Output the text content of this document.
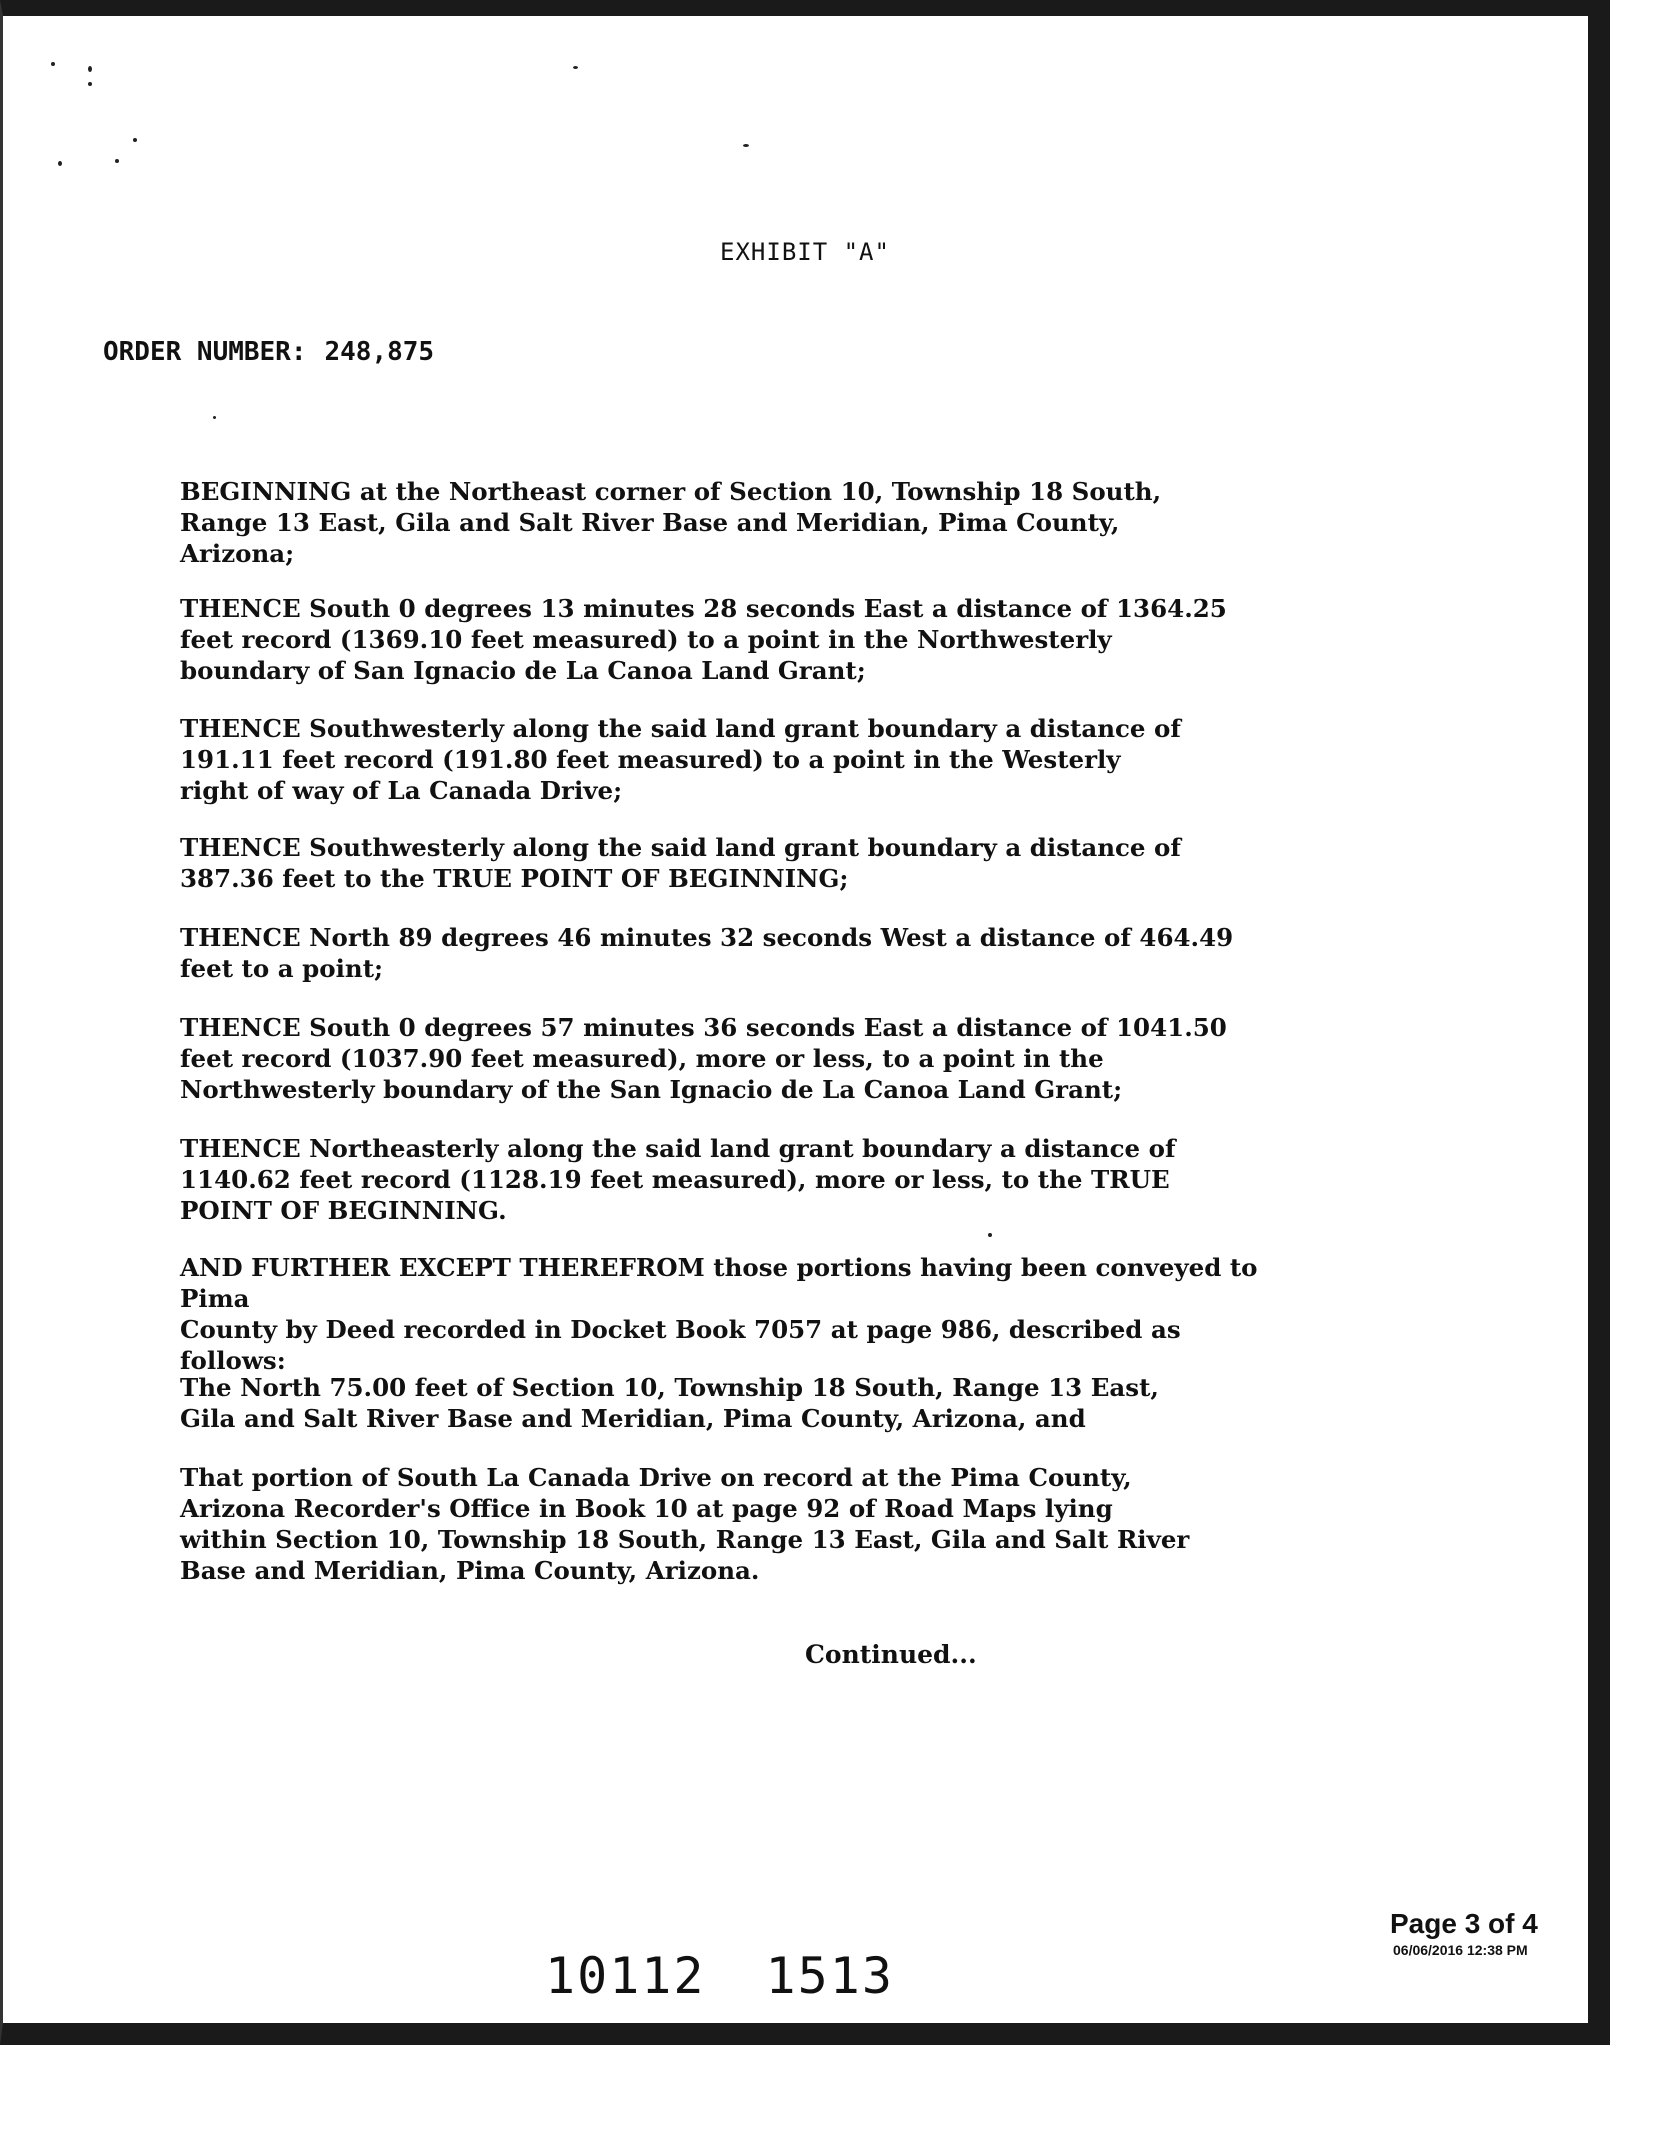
EXHIBIT "A"
ORDER NUMBER: 248,875
BEGINNING at the Northeast corner of Section 10, Township 18 South,
Range 13 East, Gila and Salt River Base and Meridian, Pima County,
Arizona;
THENCE South 0 degrees 13 minutes 28 seconds East a distance of 1364.25
feet record (1369.10 feet measured) to a point in the Northwesterly
boundary of San Ignacio de La Canoa Land Grant;
THENCE Southwesterly along the said land grant boundary a distance of
191.11 feet record (191.80 feet measured) to a point in the Westerly
right of way of La Canada Drive;
THENCE Southwesterly along the said land grant boundary a distance of
387.36 feet to the TRUE POINT OF BEGINNING;
THENCE North 89 degrees 46 minutes 32 seconds West a distance of 464.49
feet to a point;
THENCE South 0 degrees 57 minutes 36 seconds East a distance of 1041.50
feet record (1037.90 feet measured), more or less, to a point in the
Northwesterly boundary of the San Ignacio de La Canoa Land Grant;
THENCE Northeasterly along the said land grant boundary a distance of
1140.62 feet record (1128.19 feet measured), more or less, to the TRUE
POINT OF BEGINNING.
AND FURTHER EXCEPT THEREFROM those portions having been conveyed to Pima
County by Deed recorded in Docket Book 7057 at page 986, described as
follows:
The North 75.00 feet of Section 10, Township 18 South, Range 13 East,
Gila and Salt River Base and Meridian, Pima County, Arizona, and
That portion of South La Canada Drive on record at the Pima County,
Arizona Recorder's Office in Book 10 at page 92 of Road Maps lying
within Section 10, Township 18 South, Range 13 East, Gila and Salt River
Base and Meridian, Pima County, Arizona.
Continued...
Page 3 of 4
06/06/2016 12:38 PM
10112 1513
